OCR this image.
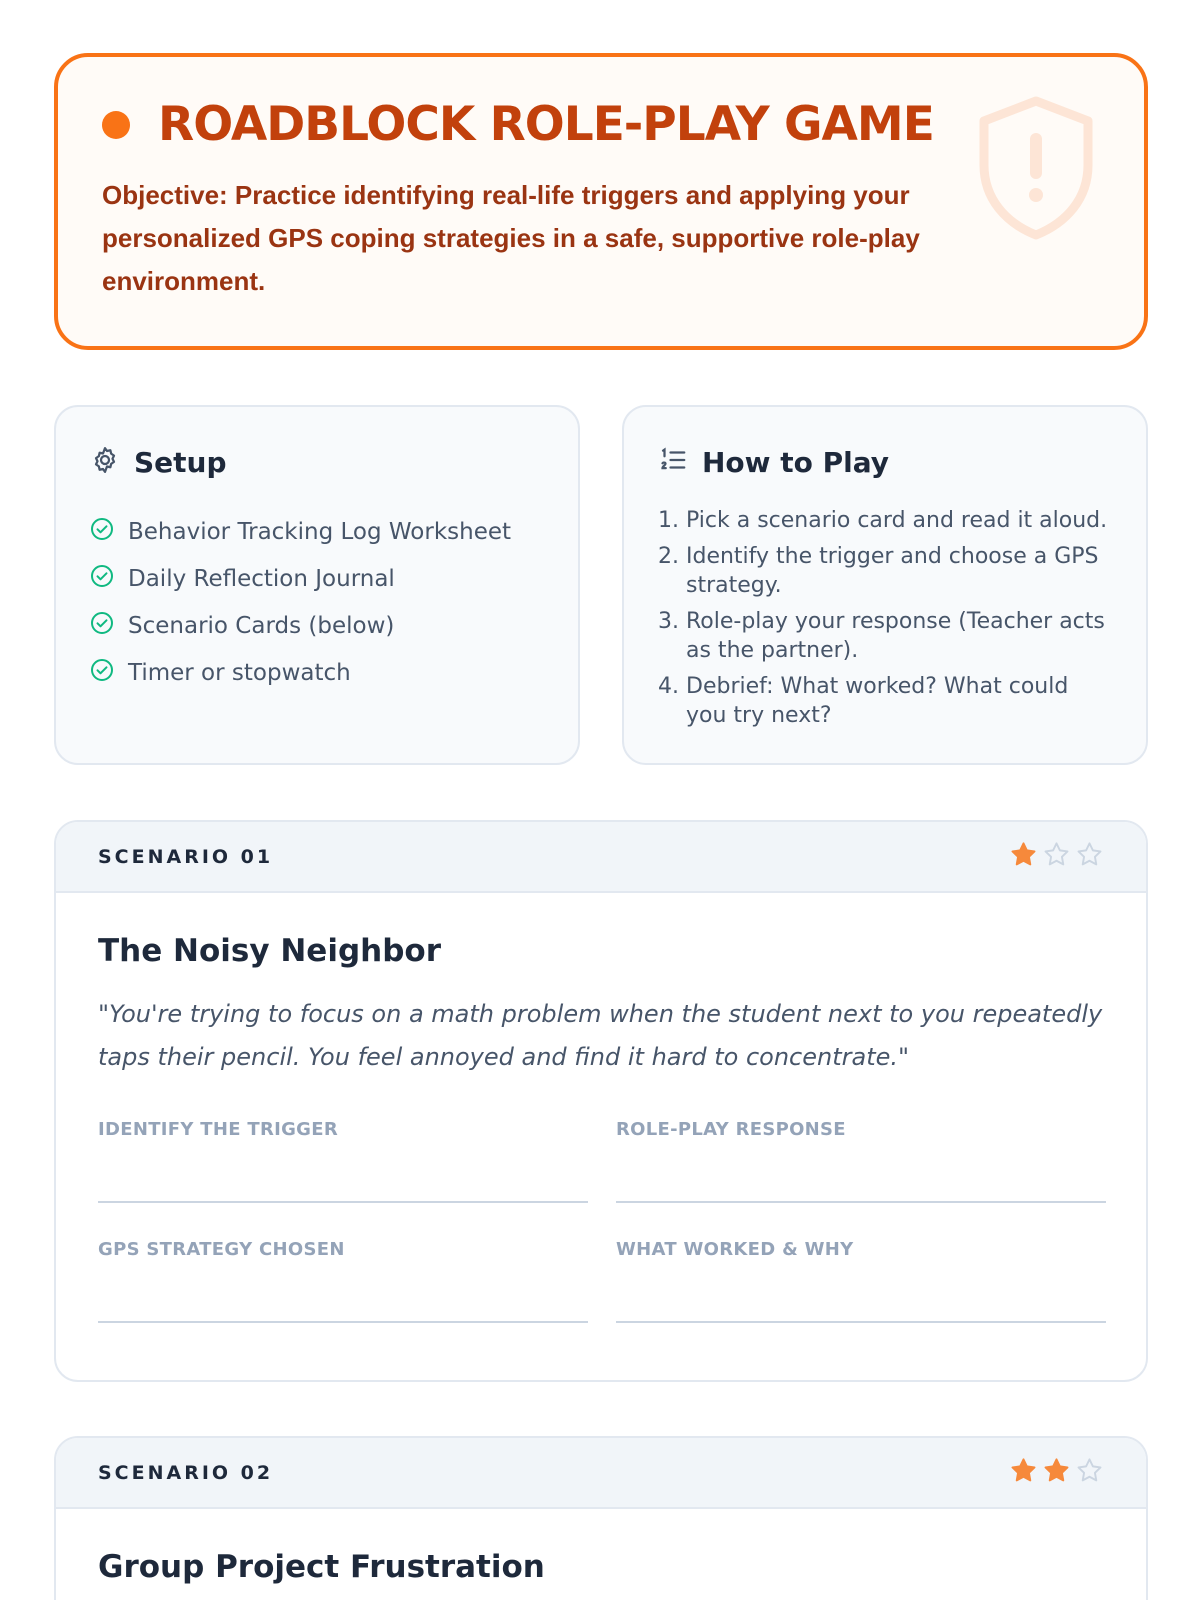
ROADBLOCK ROLE-PLAY GAME

Objective: Practice identifying real-life triggers and applying your personalized GPS coping strategies in a safe, supportive role-play environment.

Setup
Behavior Tracking Log Worksheet
Daily Reflection Journal
Scenario Cards (below)
Timer or stopwatch
How to Play
1. Pick a scenario card and read it aloud.
2. Identify the trigger and choose a GPS strategy.
3. Role-play your response (Teacher acts as the partner).
4. Debrief: What worked? What could you try next?
SCENARIO 01
The Noisy Neighbor

"You're trying to focus on a math problem when the student next to you repeatedly taps their pencil. You feel annoyed and find it hard to concentrate."

IDENTIFY THE TRIGGER	ROLE-PLAY RESPONSE
GPS STRATEGY CHOSEN	WHAT WORKED & WHY
SCENARIO 02
Group Project Frustration
